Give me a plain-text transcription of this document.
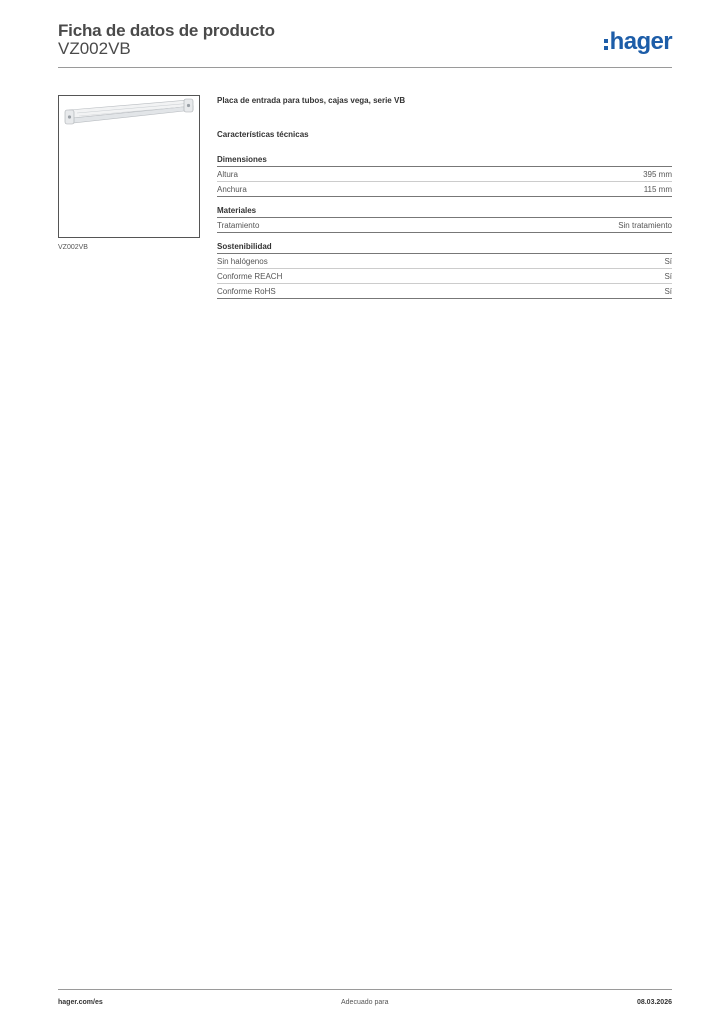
Ficha de datos de producto
VZ002VB	hager
VZ002VB
Placa de entrada para tubos, cajas vega, serie VB
Características técnicas
Dimensiones
Altura	395 mm
Anchura	115 mm
Materiales
Tratamiento	Sin tratamiento
Sostenibilidad
Sin halógenos	Sí
Conforme REACH	Sí
Conforme RoHS	Sí
hager.com/es	Adecuado para	08.03.2026
